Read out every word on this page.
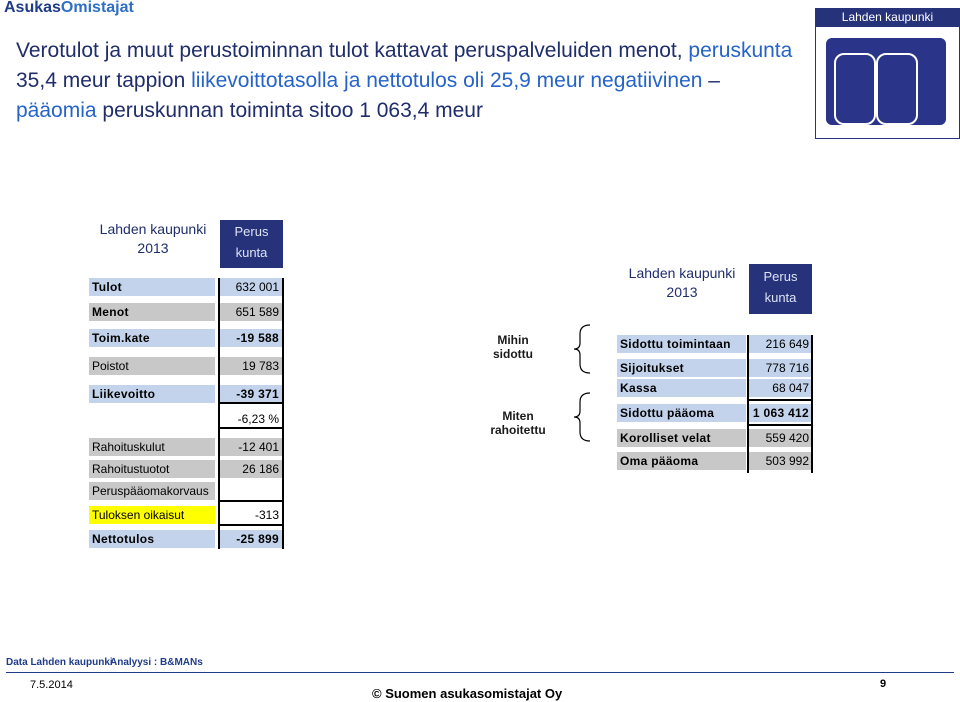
AsukasOmistajat
Verotulot ja muut perustoiminnan tulot kattavat peruspalveluiden menot, peruskunta 35,4 meur tappion liikevoittotasolla ja nettotulos oli 25,9 meur negatiivinen – pääomia peruskunnan toiminta sitoo 1 063,4 meur
Lahden kaupunki
Lahden kaupunki
2013
Perus
kunta
Tulot	632 001
Menot	651 589
Toim.kate	-19 588
Poistot	19 783
Liikevoitto	-39 371
-6,23 %
Rahoituskulut	-12 401
Rahoitustuotot	26 186
Peruspääomakorvaus
Tuloksen oikaisut	-313
Nettotulos	-25 899
Mihin sidottu
Miten rahoitettu
Lahden kaupunki
2013
Perus
kunta
Sidottu toimintaan	216 649
Sijoitukset	778 716
Kassa	68 047
Sidottu pääoma	1 063 412
Korolliset velat	559 420
Oma pääoma	503 992
Data Lahden kaupunki
Analyysi : B&MANs
7.5.2014
© Suomen asukasomistajat Oy
9
